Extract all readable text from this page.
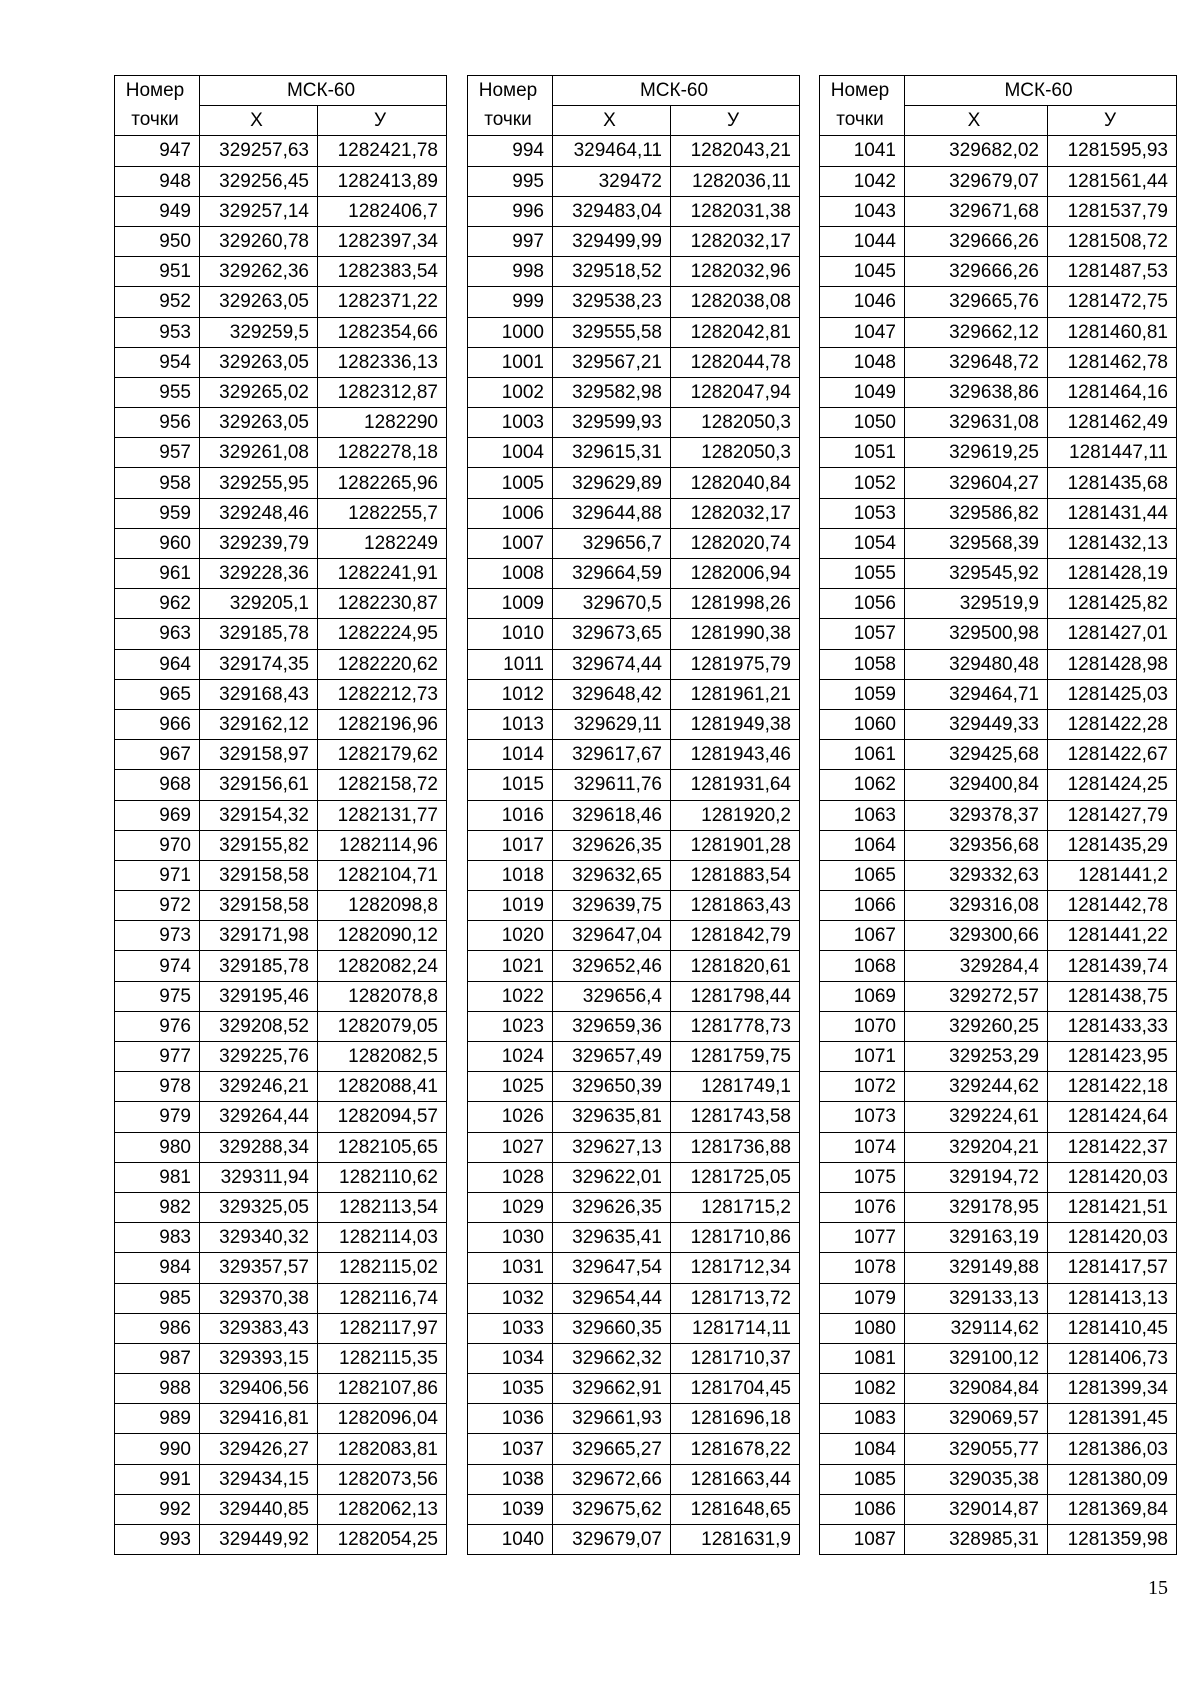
Номер
точки	МСК-60	
	X	У
947	329257,63	1282421,78
948	329256,45	1282413,89
949	329257,14	1282406,7
950	329260,78	1282397,34
951	329262,36	1282383,54
952	329263,05	1282371,22
953	329259,5	1282354,66
954	329263,05	1282336,13
955	329265,02	1282312,87
956	329263,05	1282290
957	329261,08	1282278,18
958	329255,95	1282265,96
959	329248,46	1282255,7
960	329239,79	1282249
961	329228,36	1282241,91
962	329205,1	1282230,87
963	329185,78	1282224,95
964	329174,35	1282220,62
965	329168,43	1282212,73
966	329162,12	1282196,96
967	329158,97	1282179,62
968	329156,61	1282158,72
969	329154,32	1282131,77
970	329155,82	1282114,96
971	329158,58	1282104,71
972	329158,58	1282098,8
973	329171,98	1282090,12
974	329185,78	1282082,24
975	329195,46	1282078,8
976	329208,52	1282079,05
977	329225,76	1282082,5
978	329246,21	1282088,41
979	329264,44	1282094,57
980	329288,34	1282105,65
981	329311,94	1282110,62
982	329325,05	1282113,54
983	329340,32	1282114,03
984	329357,57	1282115,02
985	329370,38	1282116,74
986	329383,43	1282117,97
987	329393,15	1282115,35
988	329406,56	1282107,86
989	329416,81	1282096,04
990	329426,27	1282083,81
991	329434,15	1282073,56
992	329440,85	1282062,13
993	329449,92	1282054,25
Номер
точки	МСК-60	
	X	У
994	329464,11	1282043,21
995	329472	1282036,11
996	329483,04	1282031,38
997	329499,99	1282032,17
998	329518,52	1282032,96
999	329538,23	1282038,08
1000	329555,58	1282042,81
1001	329567,21	1282044,78
1002	329582,98	1282047,94
1003	329599,93	1282050,3
1004	329615,31	1282050,3
1005	329629,89	1282040,84
1006	329644,88	1282032,17
1007	329656,7	1282020,74
1008	329664,59	1282006,94
1009	329670,5	1281998,26
1010	329673,65	1281990,38
1011	329674,44	1281975,79
1012	329648,42	1281961,21
1013	329629,11	1281949,38
1014	329617,67	1281943,46
1015	329611,76	1281931,64
1016	329618,46	1281920,2
1017	329626,35	1281901,28
1018	329632,65	1281883,54
1019	329639,75	1281863,43
1020	329647,04	1281842,79
1021	329652,46	1281820,61
1022	329656,4	1281798,44
1023	329659,36	1281778,73
1024	329657,49	1281759,75
1025	329650,39	1281749,1
1026	329635,81	1281743,58
1027	329627,13	1281736,88
1028	329622,01	1281725,05
1029	329626,35	1281715,2
1030	329635,41	1281710,86
1031	329647,54	1281712,34
1032	329654,44	1281713,72
1033	329660,35	1281714,11
1034	329662,32	1281710,37
1035	329662,91	1281704,45
1036	329661,93	1281696,18
1037	329665,27	1281678,22
1038	329672,66	1281663,44
1039	329675,62	1281648,65
1040	329679,07	1281631,9
Номер
точки	МСК-60	
	X	У
1041	329682,02	1281595,93
1042	329679,07	1281561,44
1043	329671,68	1281537,79
1044	329666,26	1281508,72
1045	329666,26	1281487,53
1046	329665,76	1281472,75
1047	329662,12	1281460,81
1048	329648,72	1281462,78
1049	329638,86	1281464,16
1050	329631,08	1281462,49
1051	329619,25	1281447,11
1052	329604,27	1281435,68
1053	329586,82	1281431,44
1054	329568,39	1281432,13
1055	329545,92	1281428,19
1056	329519,9	1281425,82
1057	329500,98	1281427,01
1058	329480,48	1281428,98
1059	329464,71	1281425,03
1060	329449,33	1281422,28
1061	329425,68	1281422,67
1062	329400,84	1281424,25
1063	329378,37	1281427,79
1064	329356,68	1281435,29
1065	329332,63	1281441,2
1066	329316,08	1281442,78
1067	329300,66	1281441,22
1068	329284,4	1281439,74
1069	329272,57	1281438,75
1070	329260,25	1281433,33
1071	329253,29	1281423,95
1072	329244,62	1281422,18
1073	329224,61	1281424,64
1074	329204,21	1281422,37
1075	329194,72	1281420,03
1076	329178,95	1281421,51
1077	329163,19	1281420,03
1078	329149,88	1281417,57
1079	329133,13	1281413,13
1080	329114,62	1281410,45
1081	329100,12	1281406,73
1082	329084,84	1281399,34
1083	329069,57	1281391,45
1084	329055,77	1281386,03
1085	329035,38	1281380,09
1086	329014,87	1281369,84
1087	328985,31	1281359,98
15
